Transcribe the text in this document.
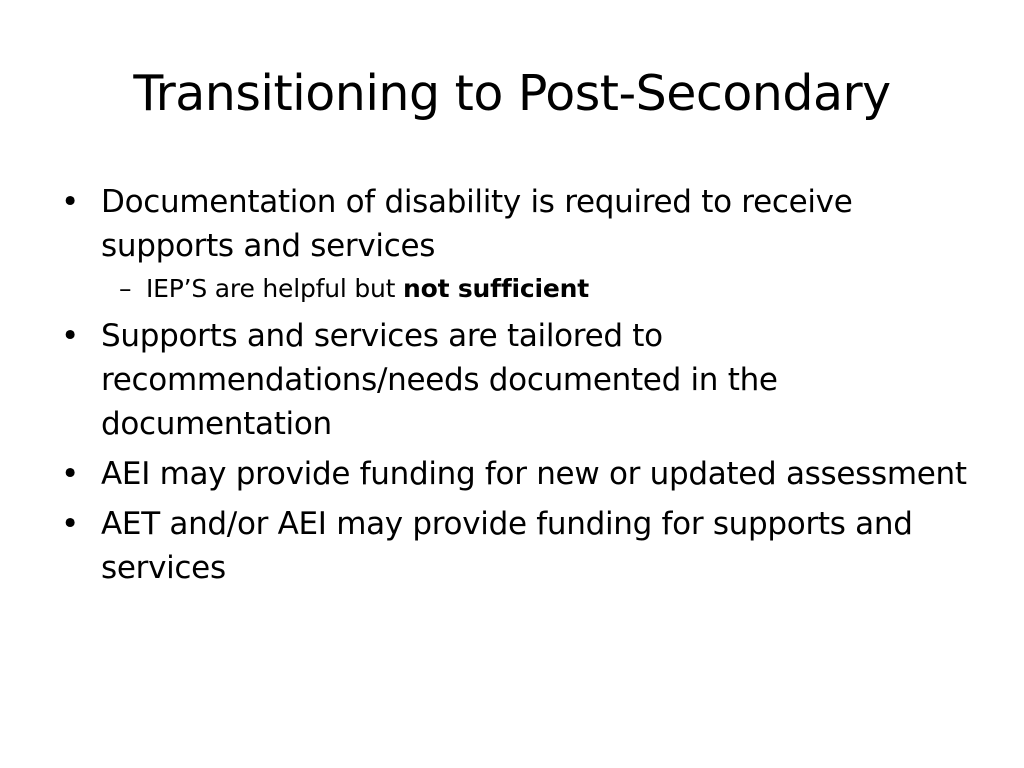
Transitioning to Post-Secondary
• Documentation of disability is required to receive supports and services
– IEP’S are helpful but not sufficient
• Supports and services are tailored to recommendations/needs documented in the documentation
• AEI may provide funding for new or updated assessment
• AET and/or AEI may provide funding for supports and services
